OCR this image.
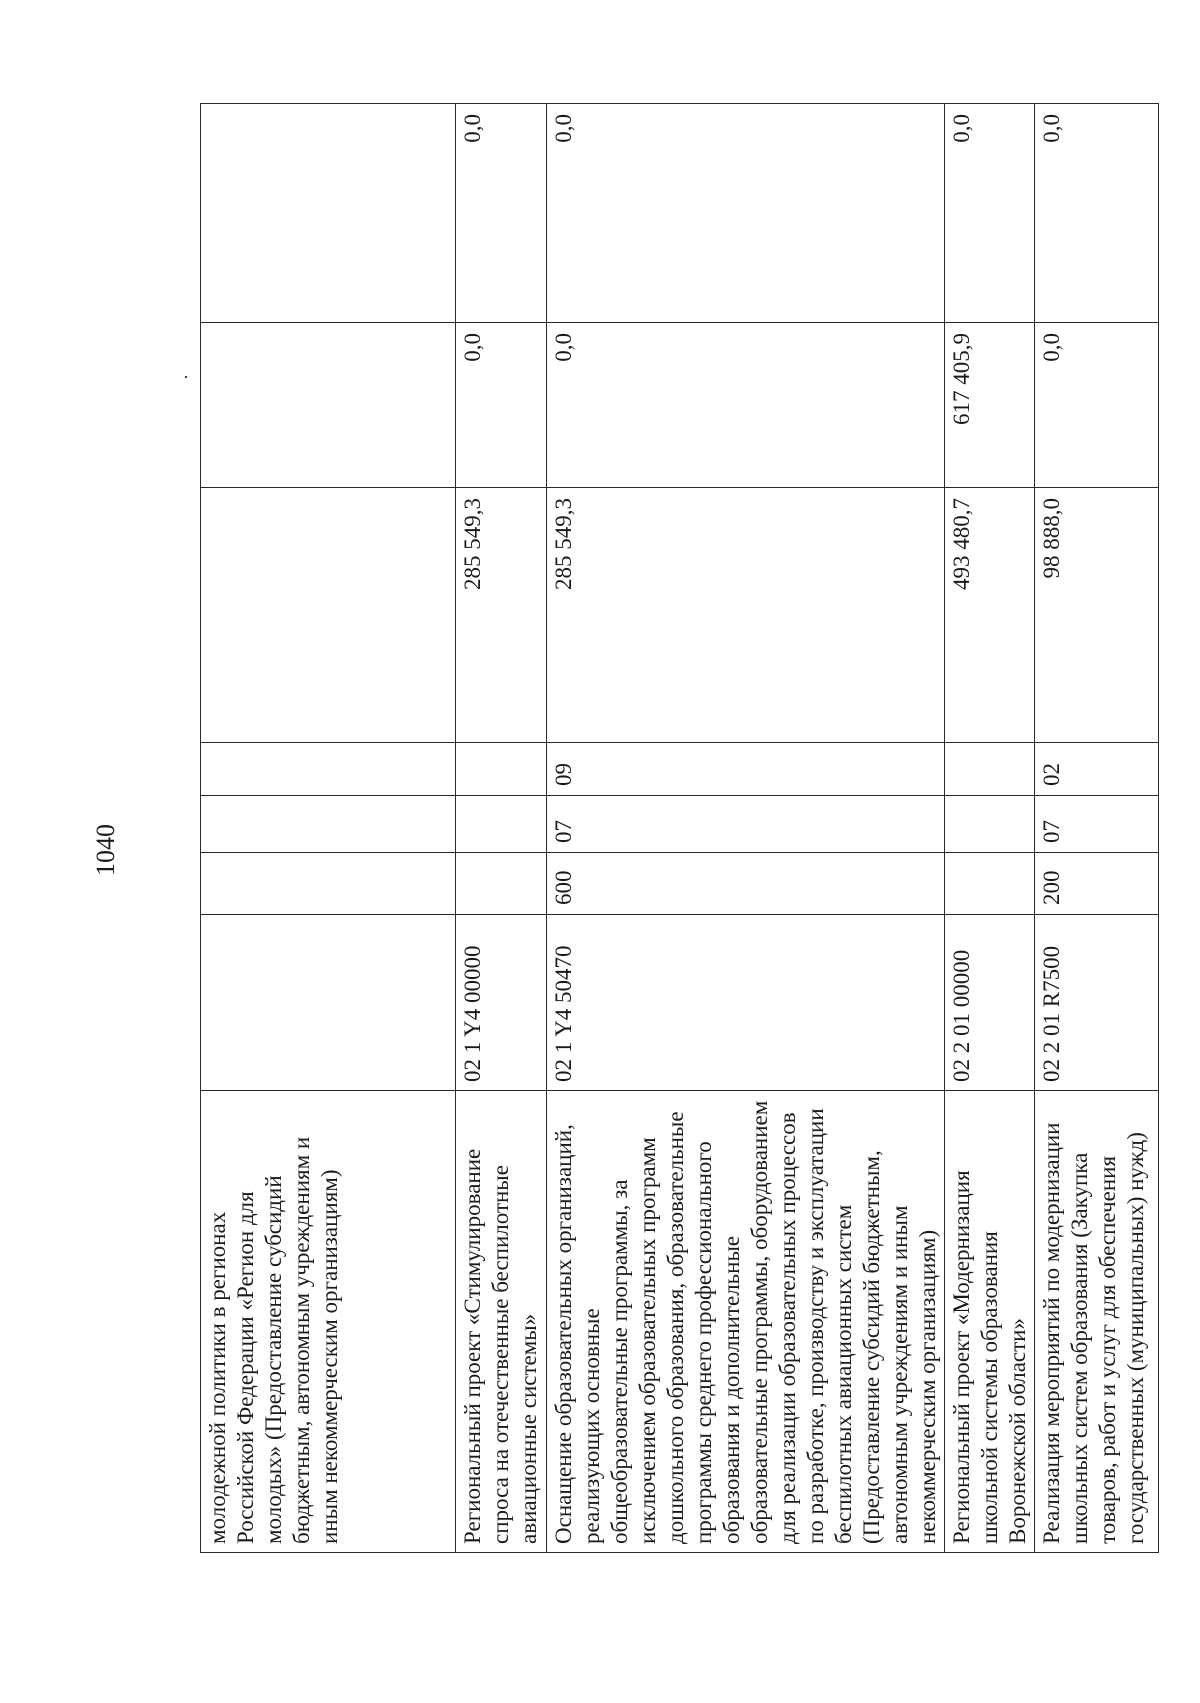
1040
молодежной политики в регионах Российской Федерации «Регион для молодых» (Предоставление субсидий бюджетным, автономным учреждениям и иным некоммерческим организациям)							
Региональный проект «Стимулирование спроса на отечественные беспилотные авиационные системы»	02 1 Y4 00000				285 549,3	0,0	0,0
Оснащение образовательных организаций, реализующих основные общеобразовательные программы, за исключением образовательных программ дошкольного образования, образовательные программы среднего профессионального образования и дополнительные образовательные программы, оборудованием для реализации образовательных процессов по разработке, производству и эксплуатации беспилотных авиационных систем (Предоставление субсидий бюджетным, автономным учреждениям и иным некоммерческим организациям)	02 1 Y4 50470	600	07	09	285 549,3	0,0	0,0
Региональный проект «Модернизация школьной системы образования Воронежской области»	02 2 01 00000				493 480,7	617 405,9	0,0
Реализация мероприятий по модернизации школьных систем образования (Закупка товаров, работ и услуг для обеспечения государственных (муниципальных) нужд)	02 2 01 R7500	200	07	02	98 888,0	0,0	0,0
